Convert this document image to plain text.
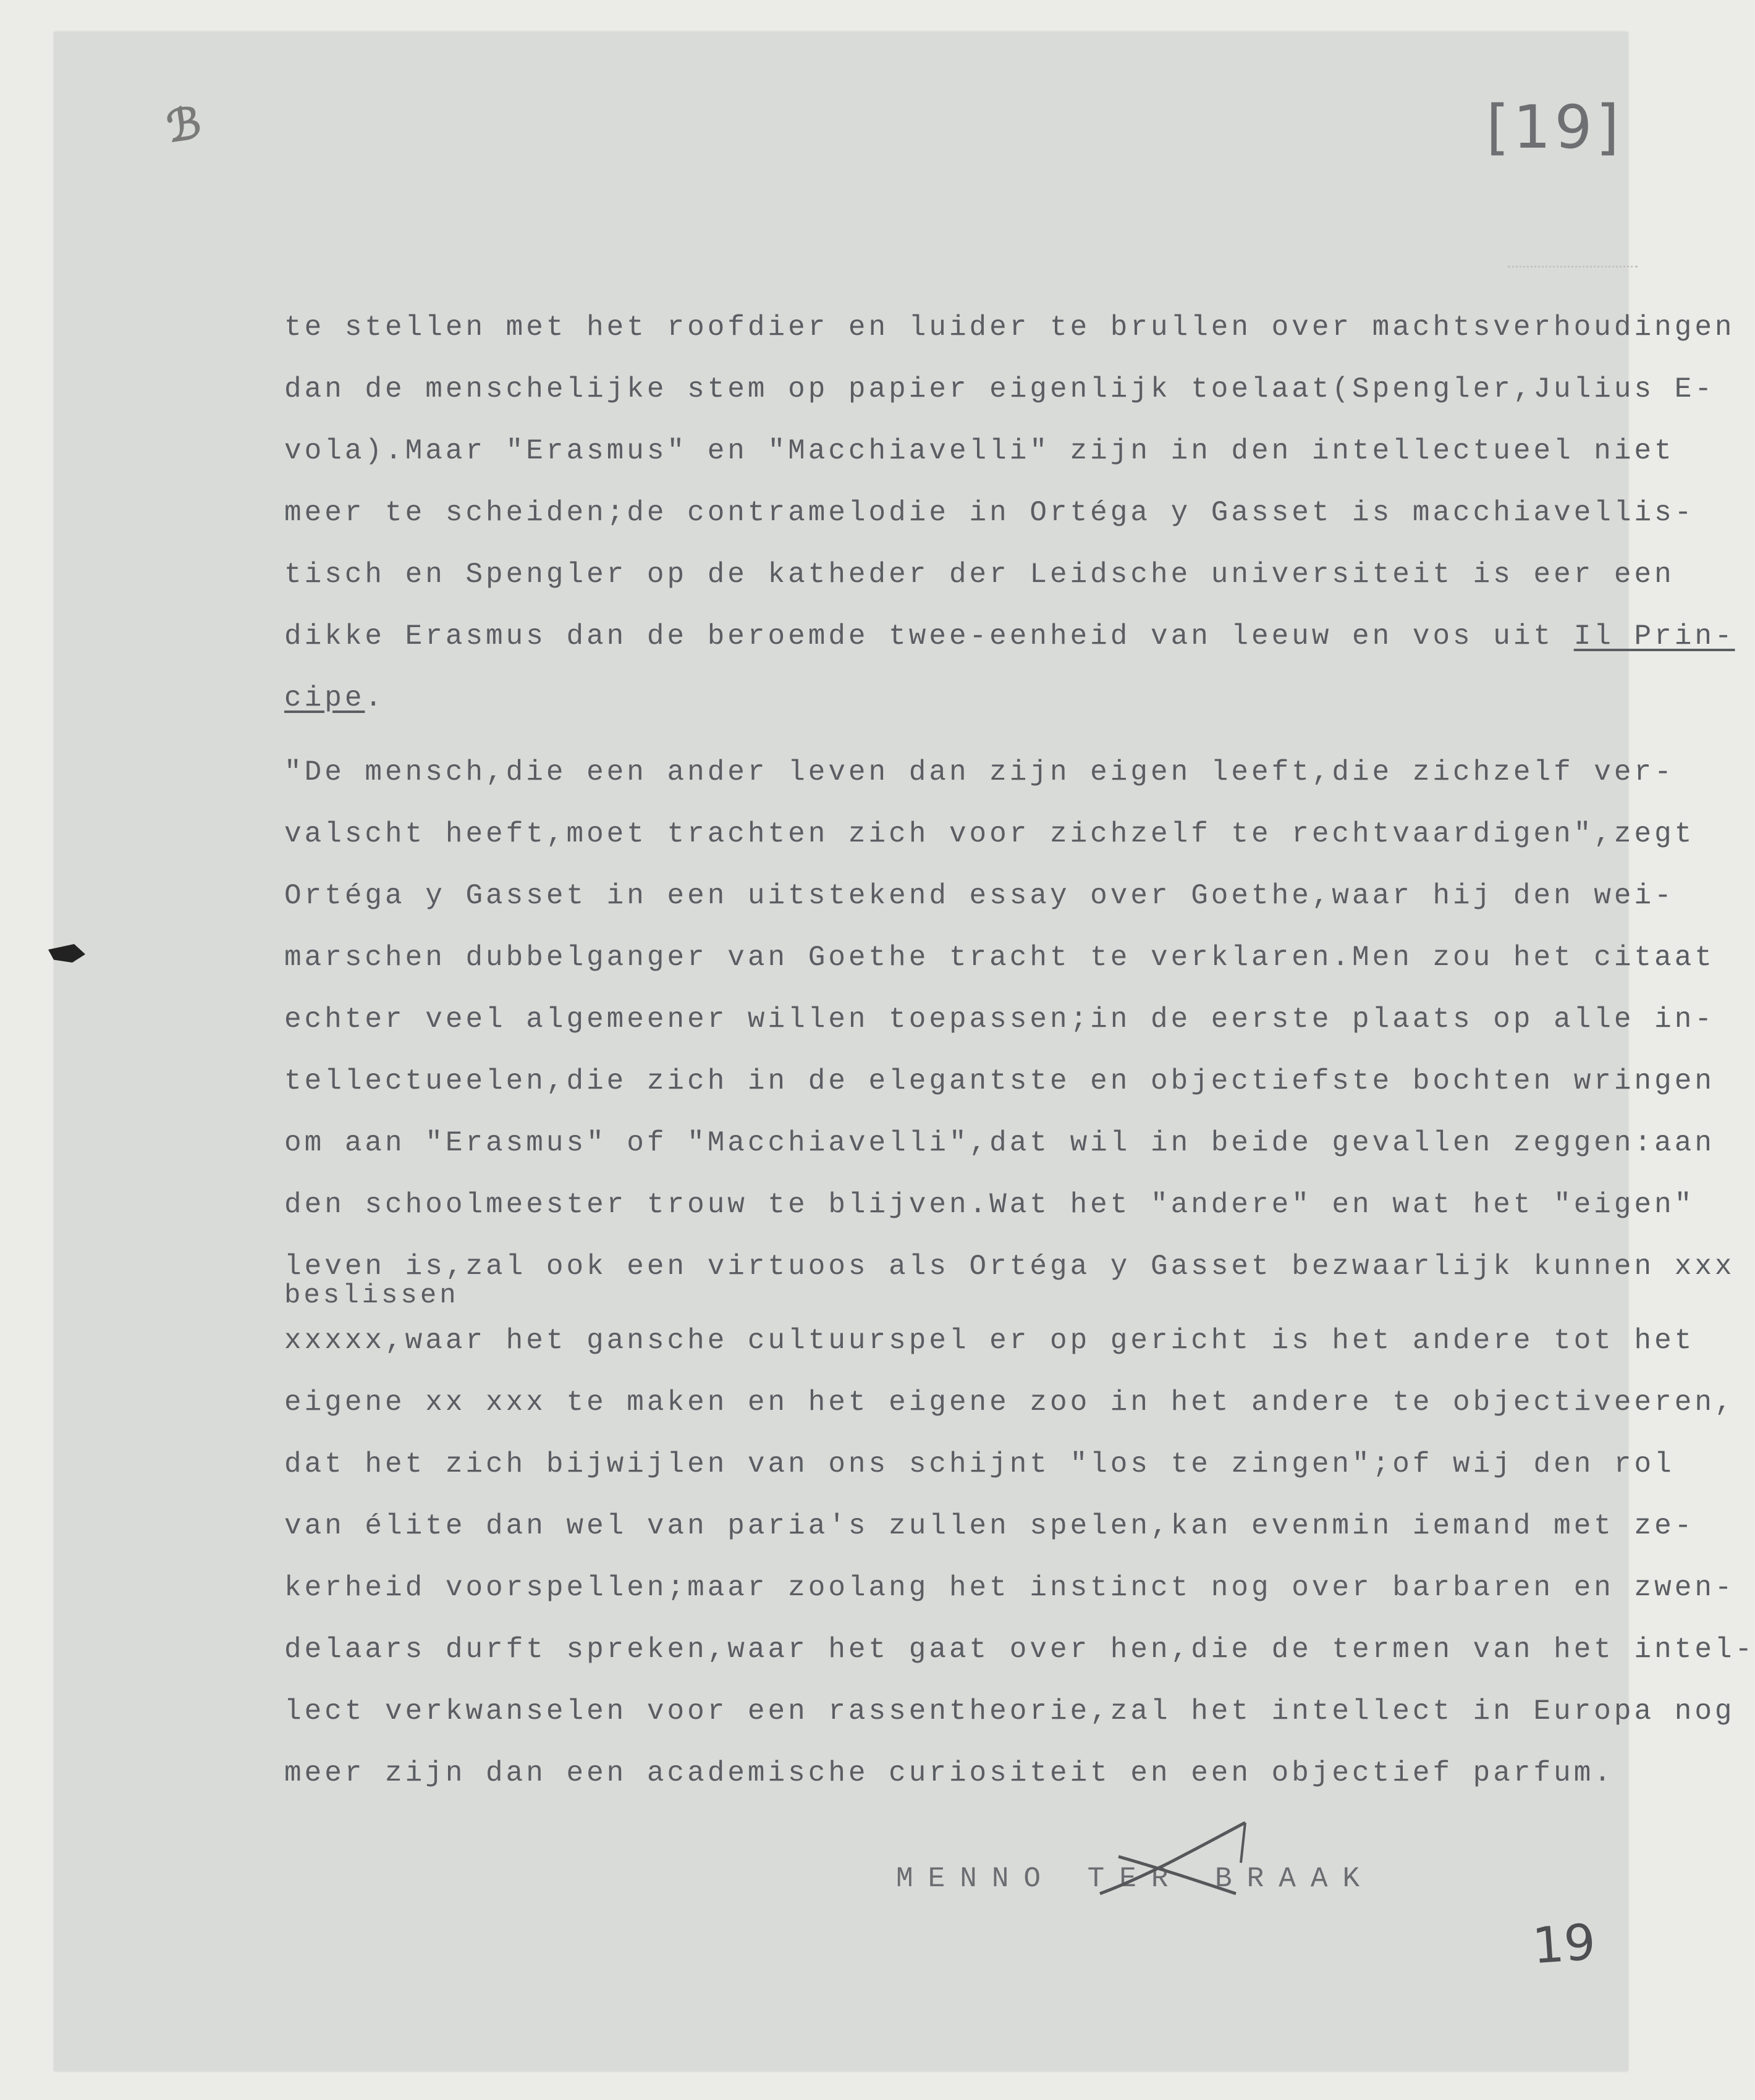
ℬ	[19]

te stellen met het roofdier en luider te brullen over machtsverhoudingen

dan de menschelijke stem op papier eigenlijk toelaat(Spengler,Julius E-

vola).Maar "Erasmus" en "Macchiavelli" zijn in den intellectueel niet

meer te scheiden;de contramelodie in Ortéga y Gasset is macchiavellis-

tisch en Spengler op de katheder der Leidsche universiteit is eer een

dikke Erasmus dan de beroemde twee-eenheid van leeuw en vos uit Il Prin-

cipe.

"De mensch,die een ander leven dan zijn eigen leeft,die zichzelf ver-

valscht heeft,moet trachten zich voor zichzelf te rechtvaardigen",zegt

Ortéga y Gasset in een uitstekend essay over Goethe,waar hij den wei-

marschen dubbelganger van Goethe tracht te verklaren.Men zou het citaat

echter veel algemeener willen toepassen;in de eerste plaats op alle in-

tellectueelen,die zich in de elegantste en objectiefste bochten wringen

om aan "Erasmus" of "Macchiavelli",dat wil in beide gevallen zeggen:aan

den schoolmeester trouw te blijven.Wat het "andere" en wat het "eigen"

leven is,zal ook een virtuoos als Ortéga y Gasset bezwaarlijk kunnen xxx

beslissen

xxxxx,waar het gansche cultuurspel er op gericht is het andere tot het

eigene xx xxx te maken en het eigene zoo in het andere te objectiveeren,

dat het zich bijwijlen van ons schijnt "los te zingen";of wij den rol

van élite dan wel van paria's zullen spelen,kan evenmin iemand met ze-

kerheid voorspellen;maar zoolang het instinct nog over barbaren en zwen-

delaars durft spreken,waar het gaat over hen,die de termen van het intel-

lect verkwanselen voor een rassentheorie,zal het intellect in Europa nog

meer zijn dan een academische curiositeit en een objectief parfum.

MENNO TER BRAAK
19
